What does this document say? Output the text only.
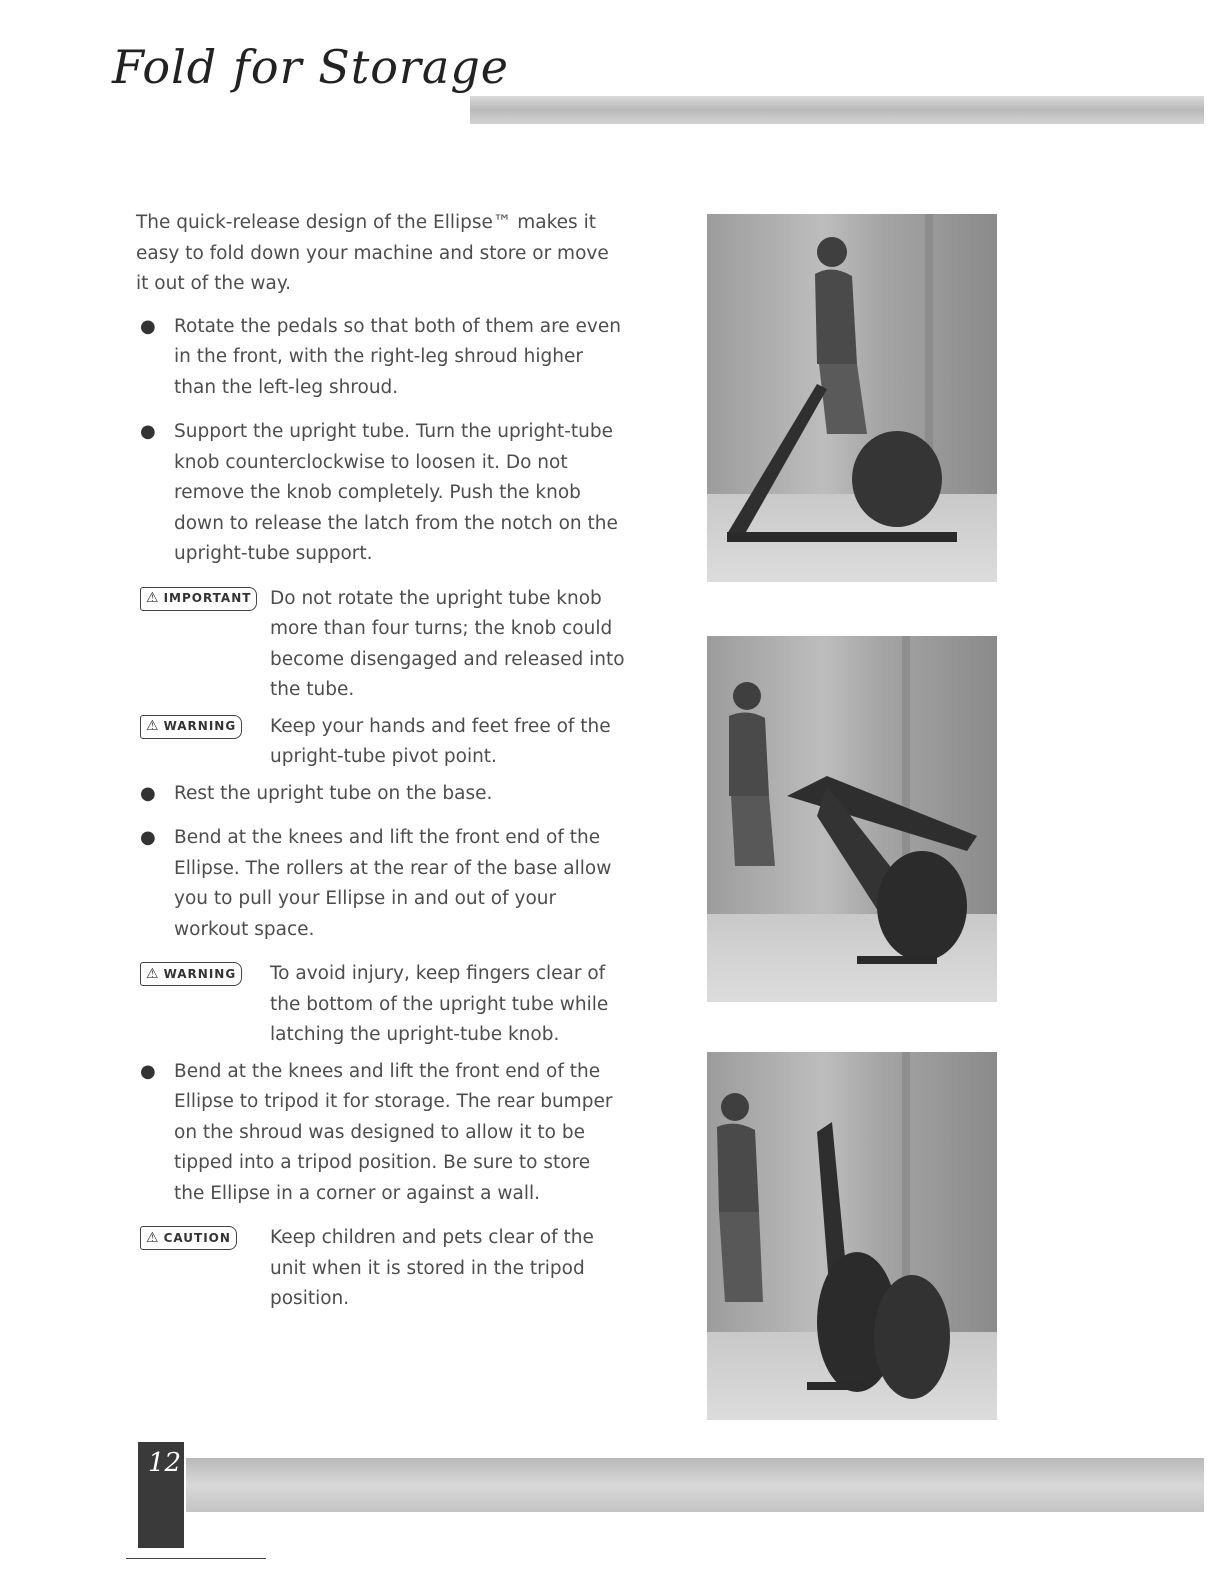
Fold for Storage

The quick-release design of the Ellipse™ makes it easy to fold down your machine and store or move it out of the way.

● Rotate the pedals so that both of them are even in the front, with the right-leg shroud higher than the left-leg shroud.
● Support the upright tube. Turn the upright-tube knob counterclockwise to loosen it. Do not remove the knob completely. Push the knob down to release the latch from the notch on the upright-tube support.
⚠ IMPORTANT Do not rotate the upright tube knob more than four turns; the knob could become disengaged and released into the tube.
⚠ WARNING Keep your hands and feet free of the upright-tube pivot point.
● Rest the upright tube on the base.
● Bend at the knees and lift the front end of the Ellipse. The rollers at the rear of the base allow you to pull your Ellipse in and out of your workout space.
⚠ WARNING To avoid injury, keep fingers clear of the bottom of the upright tube while latching the upright-tube knob.
● Bend at the knees and lift the front end of the Ellipse to tripod it for storage. The rear bumper on the shroud was designed to allow it to be tipped into a tripod position. Be sure to store the Ellipse in a corner or against a wall.
⚠ CAUTION Keep children and pets clear of the unit when it is stored in the tripod position.
12
